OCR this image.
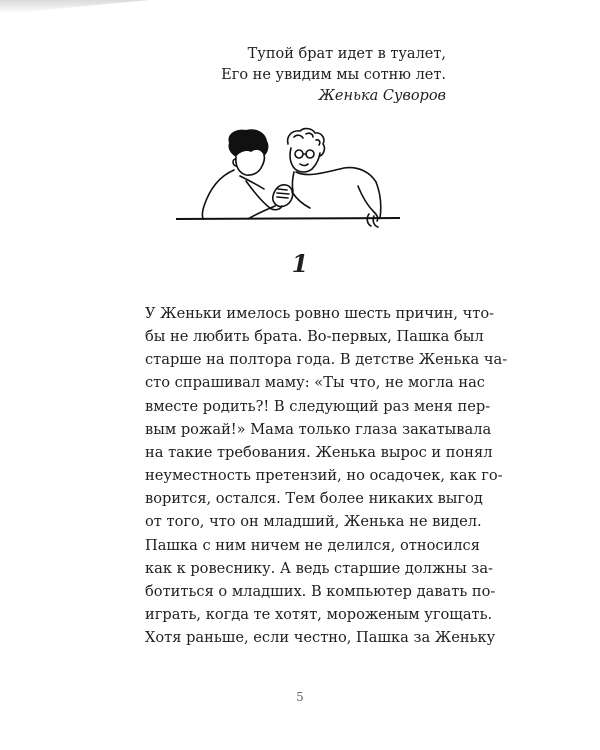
Тупой брат идет в туалет,
Его не увидим мы сотню лет.
Женька Суворов
1
У Женьки имелось ровно шесть причин, что-
бы не любить брата. Во-первых, Пашка был
старше на полтора года. В детстве Женька ча-
сто спрашивал маму: «Ты что, не могла нас
вместе родить?! В следующий раз меня пер-
вым рожай!» Мама только глаза закатывала
на такие требования. Женька вырос и понял
неуместность претензий, но осадочек, как го-
ворится, остался. Тем более никаких выгод
от того, что он младший, Женька не видел.
Пашка с ним ничем не делился, относился
как к ровеснику. А ведь старшие должны за-
ботиться о младших. В компьютер давать по-
играть, когда те хотят, мороженым угощать.
Хотя раньше, если честно, Пашка за Женьку
5
